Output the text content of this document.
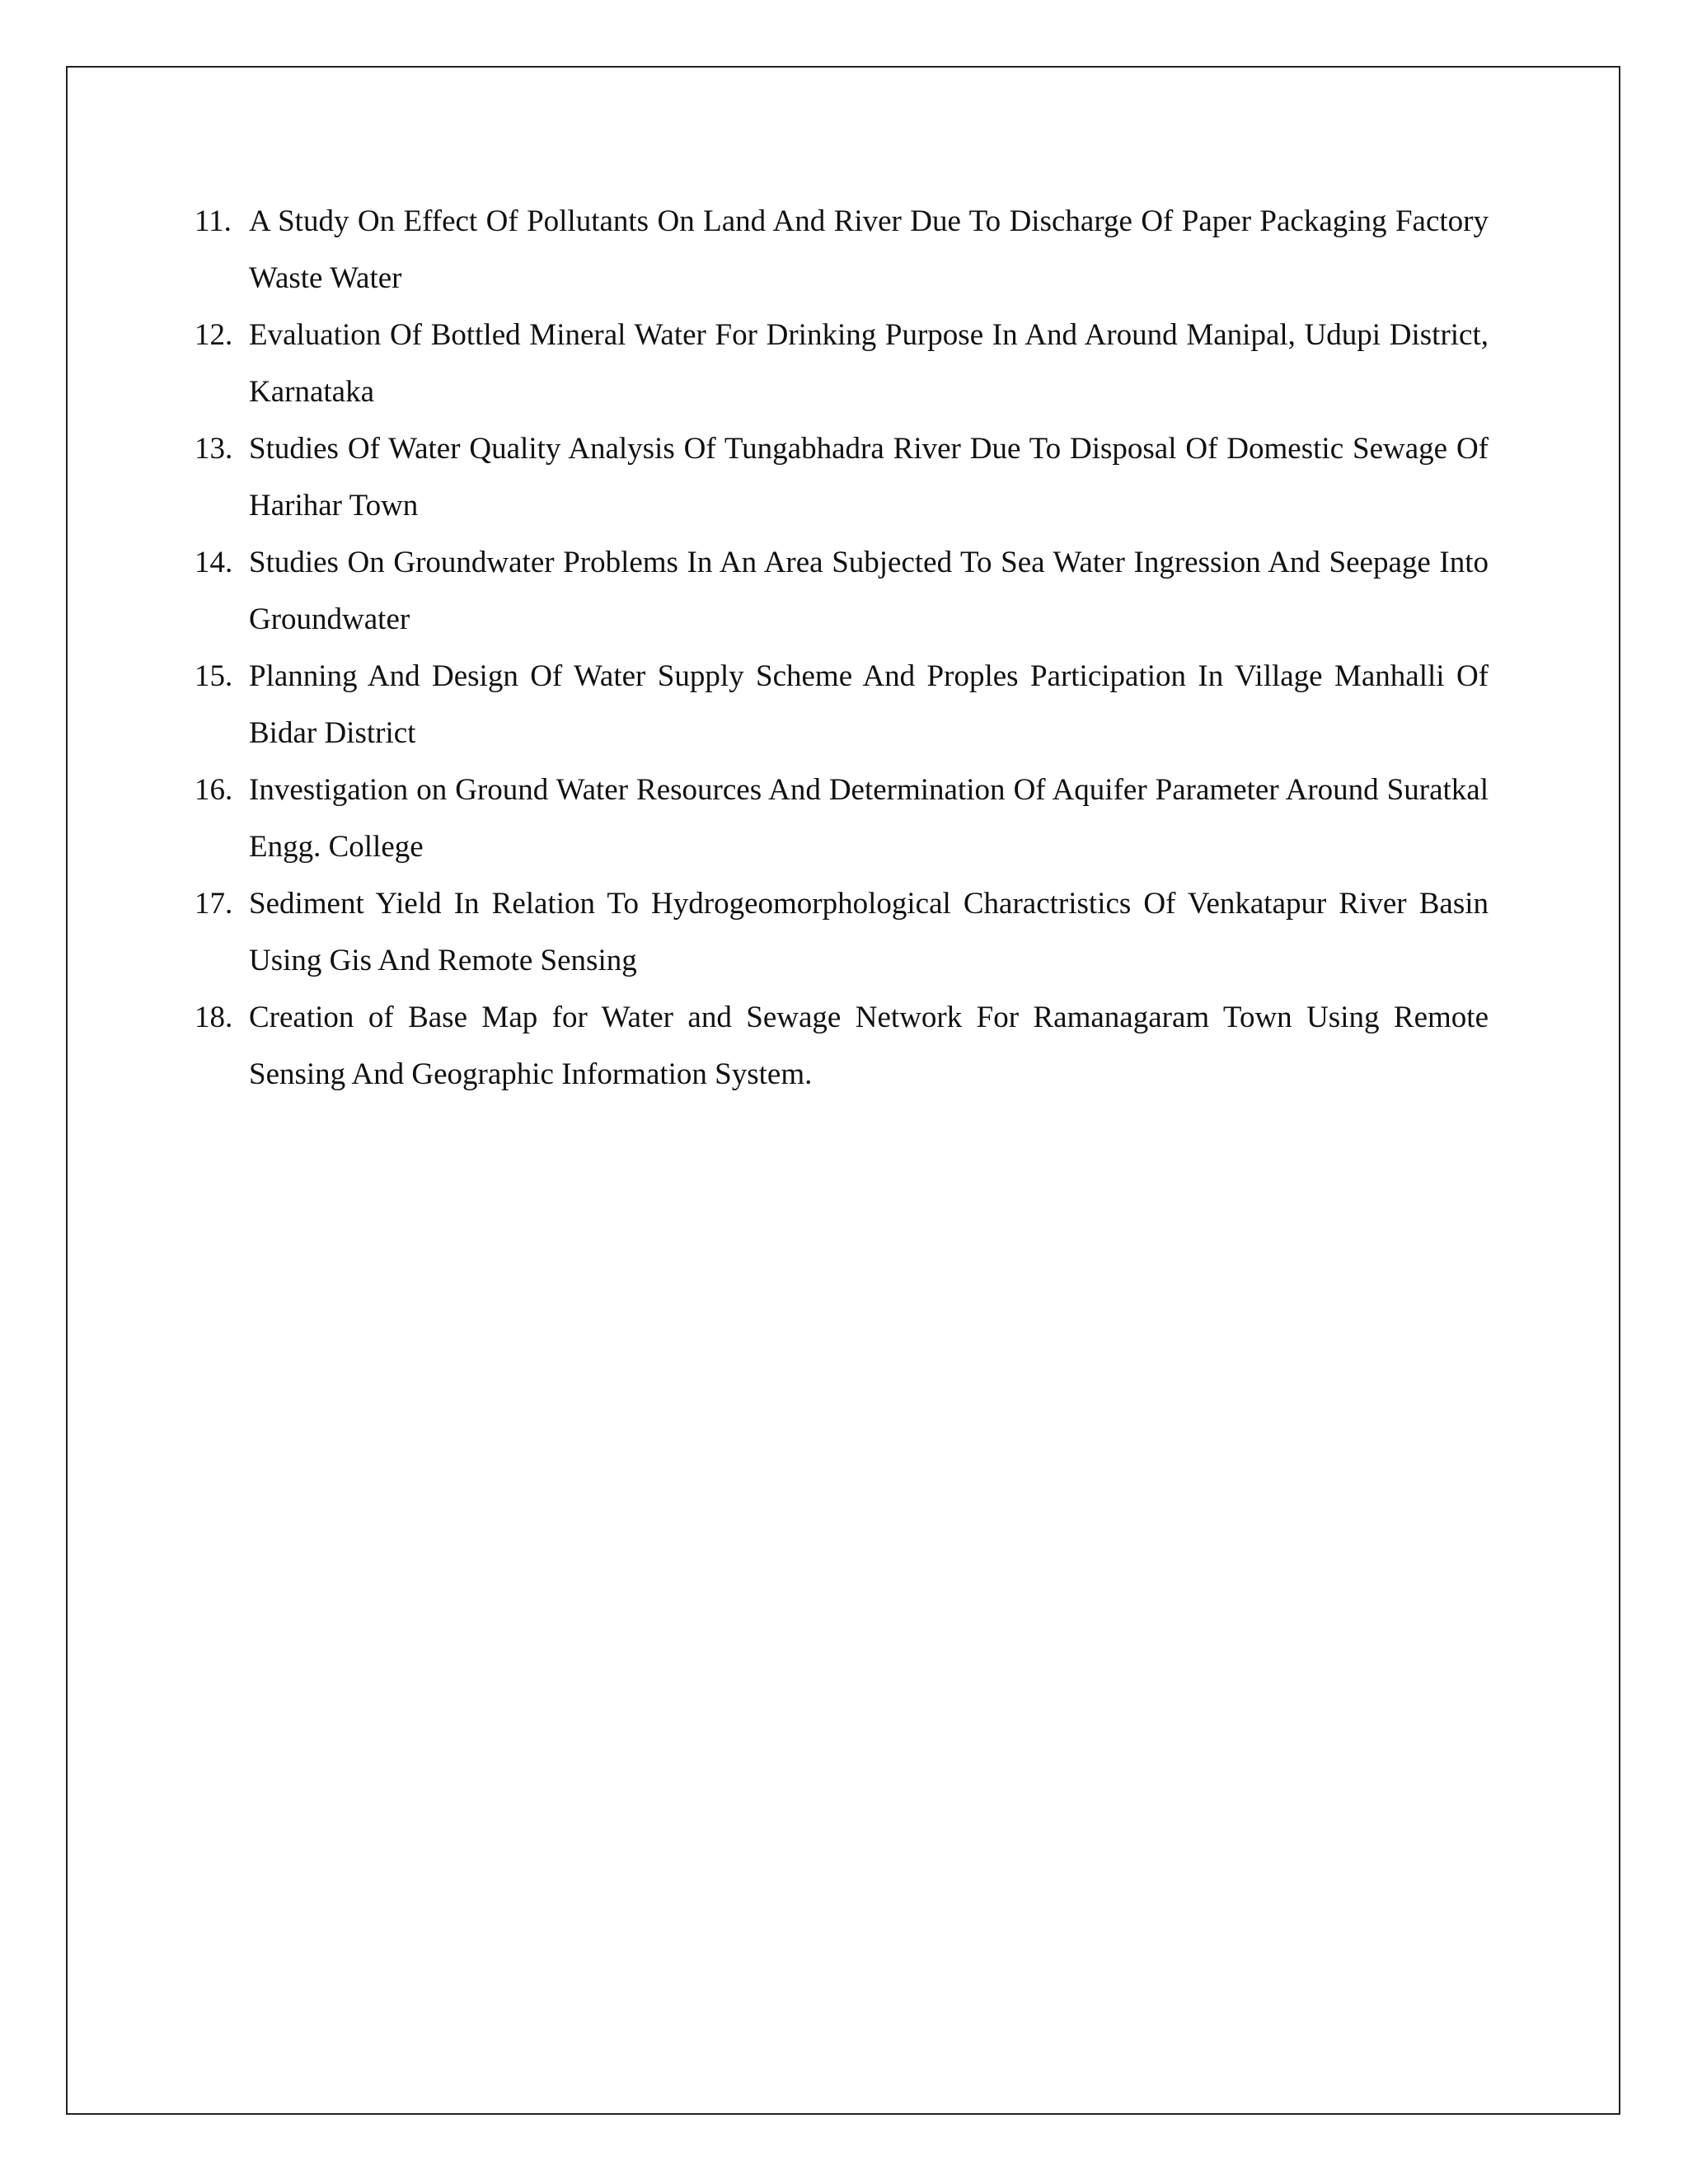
11. A Study On Effect Of Pollutants On Land And River Due To Discharge Of Paper Packaging Factory Waste Water
12. Evaluation Of Bottled Mineral Water For Drinking Purpose In And Around Manipal, Udupi District, Karnataka
13. Studies Of Water Quality Analysis Of Tungabhadra River Due To Disposal Of Domestic Sewage Of Harihar Town
14. Studies On Groundwater Problems In An Area Subjected To Sea Water Ingression And Seepage Into Groundwater
15. Planning And Design Of Water Supply Scheme And Proples Participation In Village Manhalli Of Bidar District
16. Investigation on Ground Water Resources And Determination Of Aquifer Parameter Around Suratkal Engg. College
17. Sediment Yield In Relation To Hydrogeomorphological Charactristics Of Venkatapur River Basin Using Gis And Remote Sensing
18. Creation of Base Map for Water and Sewage Network For Ramanagaram Town Using Remote Sensing And Geographic Information System.
